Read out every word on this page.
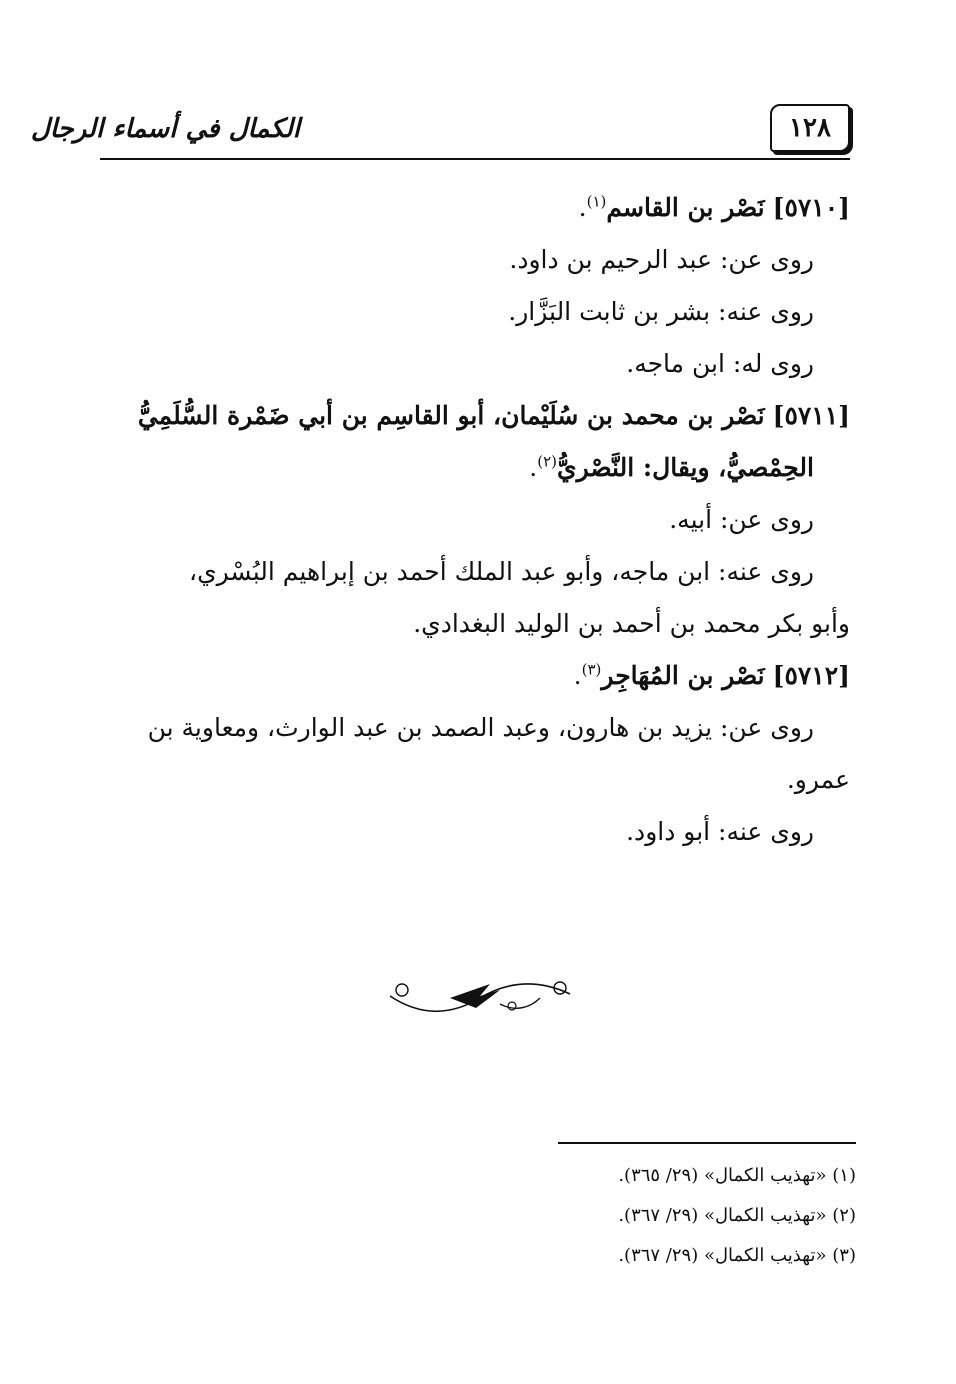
١٢٨
الكمال في أسماء الرجال
[٥٧١٠] نَصْر بن القاسم$^{(١)}$.
روى عن: عبد الرحيم بن داود.
روى عنه: بشر بن ثابت البَزَّار.
روى له: ابن ماجه.
[٥٧١١] نَصْر بن محمد بن سُلَيْمان، أبو القاسِم بن أبي ضَمْرة السُّلَمِيُّ
الحِمْصيُّ، ويقال: النَّصْريُّ$^{(٢)}$.
روى عن: أبيه.
روى عنه: ابن ماجه، وأبو عبد الملك أحمد بن إبراهيم البُسْري،
وأبو بكر محمد بن أحمد بن الوليد البغدادي.
[٥٧١٢] نَصْر بن المُهَاجِر$^{(٣)}$.
روى عن: يزيد بن هارون، وعبد الصمد بن عبد الوارث، ومعاوية بن
عمرو.
روى عنه: أبو داود.
(١) «تهذيب الكمال» (٢٩/ ٣٦٥).
(٢) «تهذيب الكمال» (٢٩/ ٣٦٧).
(٣) «تهذيب الكمال» (٢٩/ ٣٦٧).
